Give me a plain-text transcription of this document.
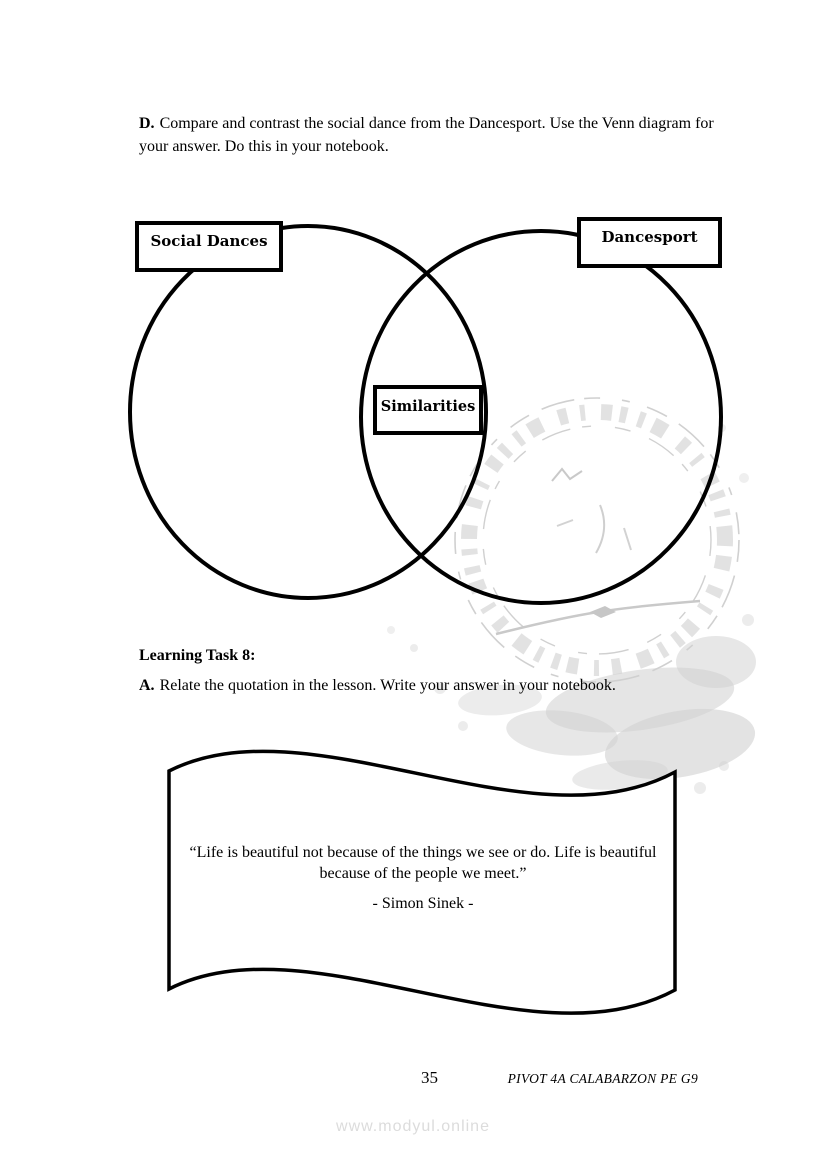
D. Compare and contrast the social dance from the Dancesport. Use the Venn diagram for your answer. Do this in your notebook.

Social Dances	Dancesport
Similarities

Learning Task 8:

A. Relate the quotation in the lesson. Write your answer in your notebook.

“Life is beautiful not because of the things we see or do. Life is beautiful because of the people we meet.”
- Simon Sinek -
35	PIVOT 4A CALABARZON PE G9
www.modyul.online
